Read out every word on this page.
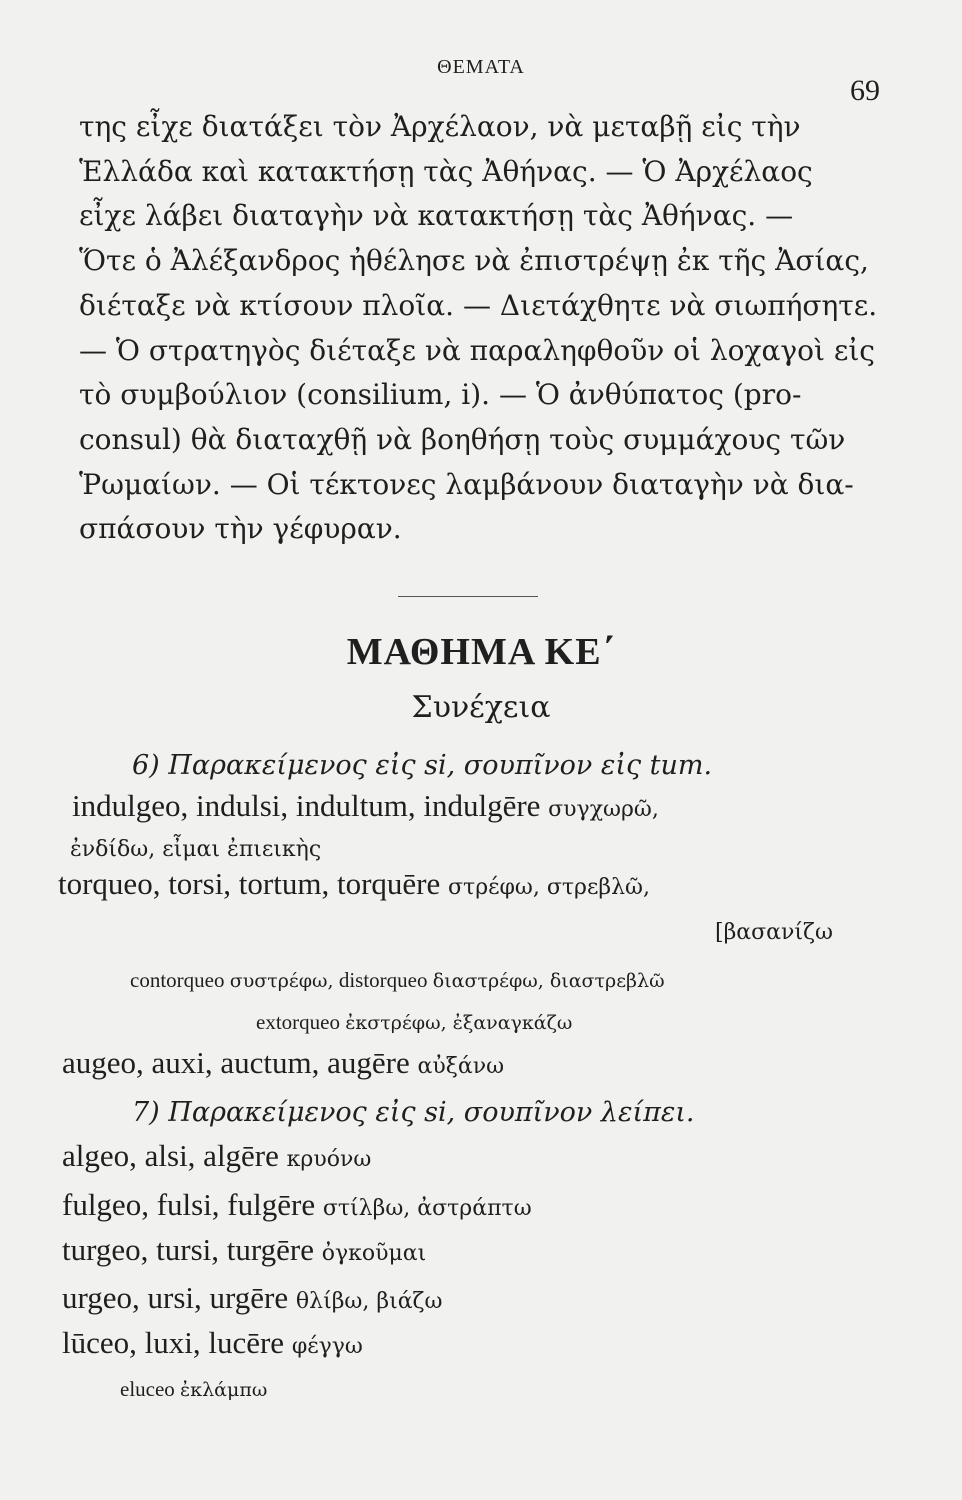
ΘΕΜΑΤΑ
69
της εἶχε διατάξει τὸν Ἀρχέλαον, νὰ μεταβῇ εἰς τὴν
Ἑλλάδα καὶ κατακτήσῃ τὰς Ἀθήνας. — Ὁ Ἀρχέλαος
εἶχε λάβει διαταγὴν νὰ κατακτήσῃ τὰς Ἀθήνας. —
Ὅτε ὁ Ἀλέξανδρος ἠθέλησε νὰ ἐπιστρέψῃ ἐκ τῆς Ἀσίας,
διέταξε νὰ κτίσουν πλοῖα. — Διετάχθητε νὰ σιωπήσητε.
— Ὁ στρατηγὸς διέταξε νὰ παραληφθοῦν οἱ λοχαγοὶ εἰς
τὸ συμβούλιον (consilium, i). — Ὁ ἀνθύπατος (pro-
consul) θὰ διαταχθῇ νὰ βοηθήσῃ τοὺς συμμάχους τῶν
Ῥωμαίων. — Οἱ τέκτονες λαμβάνουν διαταγὴν νὰ δια-
σπάσουν τὴν γέφυραν.
ΜΑΘΗΜΑ ΚΕ΄
Συνέχεια
6) Παρακείμενος εἰς si, σουπῖνον εἰς tum.
indulgeo, indulsi, indultum, indulgēre συγχωρῶ,
ἐνδίδω, εἶμαι ἐπιεικὴς
torqueo, torsi, tortum, torquēre στρέφω, στρεβλῶ,
[βασανίζω
contorqueo συστρέφω, distorqueo διαστρέφω, διαστρεβλῶ
extorqueo ἐκστρέφω, ἐξαναγκάζω
augeo, auxi, auctum, augēre αὐξάνω
7) Παρακείμενος εἰς si, σουπῖνον λείπει.
algeo, alsi, algēre κρυόνω
fulgeo, fulsi, fulgēre στίλβω, ἀστράπτω
turgeo, tursi, turgēre ὀγκοῦμαι
urgeo, ursi, urgēre θλίβω, βιάζω
lūceo, luxi, lucēre φέγγω
eluceo ἐκλάμπω
